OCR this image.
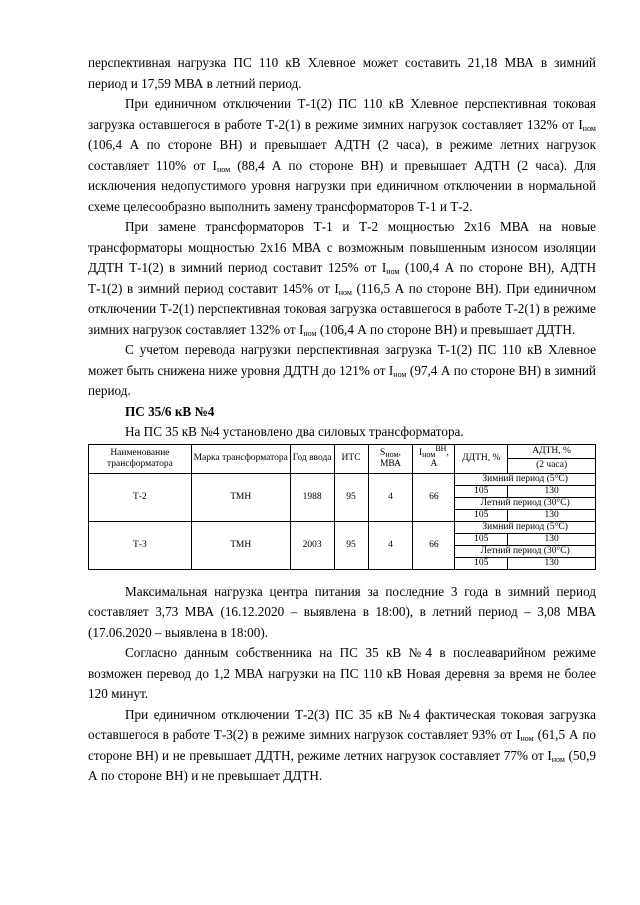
перспективная нагрузка ПС 110 кВ Хлевное может составить 21,18 МВА в зимний период и 17,59 МВА в летний период.

При единичном отключении Т-1(2) ПС 110 кВ Хлевное перспективная токовая загрузка оставшегося в работе Т-2(1) в режиме зимних нагрузок составляет 132% от $I_{ном}$ (106,4 А по стороне ВН) и превышает АДТН (2 часа), в режиме летних нагрузок составляет 110% от $I_{ном}$ (88,4 А по стороне ВН) и превышает АДТН (2 часа). Для исключения недопустимого уровня нагрузки при единичном отключении в нормальной схеме целесообразно выполнить замену трансформаторов Т-1 и Т-2.

При замене трансформаторов Т-1 и Т-2 мощностью 2х16 МВА на новые трансформаторы мощностью 2х16 МВА с возможным повышенным износом изоляции ДДТН Т-1(2) в зимний период составит 125% от $I_{ном}$ (100,4 А по стороне ВН), АДТН Т-1(2) в зимний период составит 145% от $I_{ном}$ (116,5 А по стороне ВН). При единичном отключении Т-2(1) перспективная токовая загрузка оставшегося в работе Т-2(1) в режиме зимних нагрузок составляет 132% от $I_{ном}$ (106,4 А по стороне ВН) и превышает ДДТН.

С учетом перевода нагрузки перспективная загрузка Т-1(2) ПС 110 кВ Хлевное может быть снижена ниже уровня ДДТН до 121% от $I_{ном}$ (97,4 А по стороне ВН) в зимний период.

ПС 35/6 кВ №4

На ПС 35 кВ №4 установлено два силовых трансформатора.

Наименование трансформатора	Марка трансформатора	Год ввода	ИТС	$S_{ном}$, МВА	$I_{ном}^{ВН}$, А	ДДТН, %	АДТН, %
							(2 часа)
Т-2	ТМН	1988	95	4	66	Зимний период (5°С)	
						105	130
						Летний период (30°С)	
						105	130
Т-3	ТМН	2003	95	4	66	Зимний период (5°С)	
						105	130
						Летний период (30°С)	
						105	130

Максимальная нагрузка центра питания за последние 3 года в зимний период составляет 3,73 МВА (16.12.2020 – выявлена в 18:00), в летний период – 3,08 МВА (17.06.2020 – выявлена в 18:00).

Согласно данным собственника на ПС 35 кВ №4 в послеаварийном режиме возможен перевод до 1,2 МВА нагрузки на ПС 110 кВ Новая деревня за время не более 120 минут.

При единичном отключении Т-2(3) ПС 35 кВ №4 фактическая токовая загрузка оставшегося в работе Т-3(2) в режиме зимних нагрузок составляет 93% от $I_{ном}$ (61,5 А по стороне ВН) и не превышает ДДТН, режиме летних нагрузок составляет 77% от $I_{ном}$ (50,9 А по стороне ВН) и не превышает ДДТН.
